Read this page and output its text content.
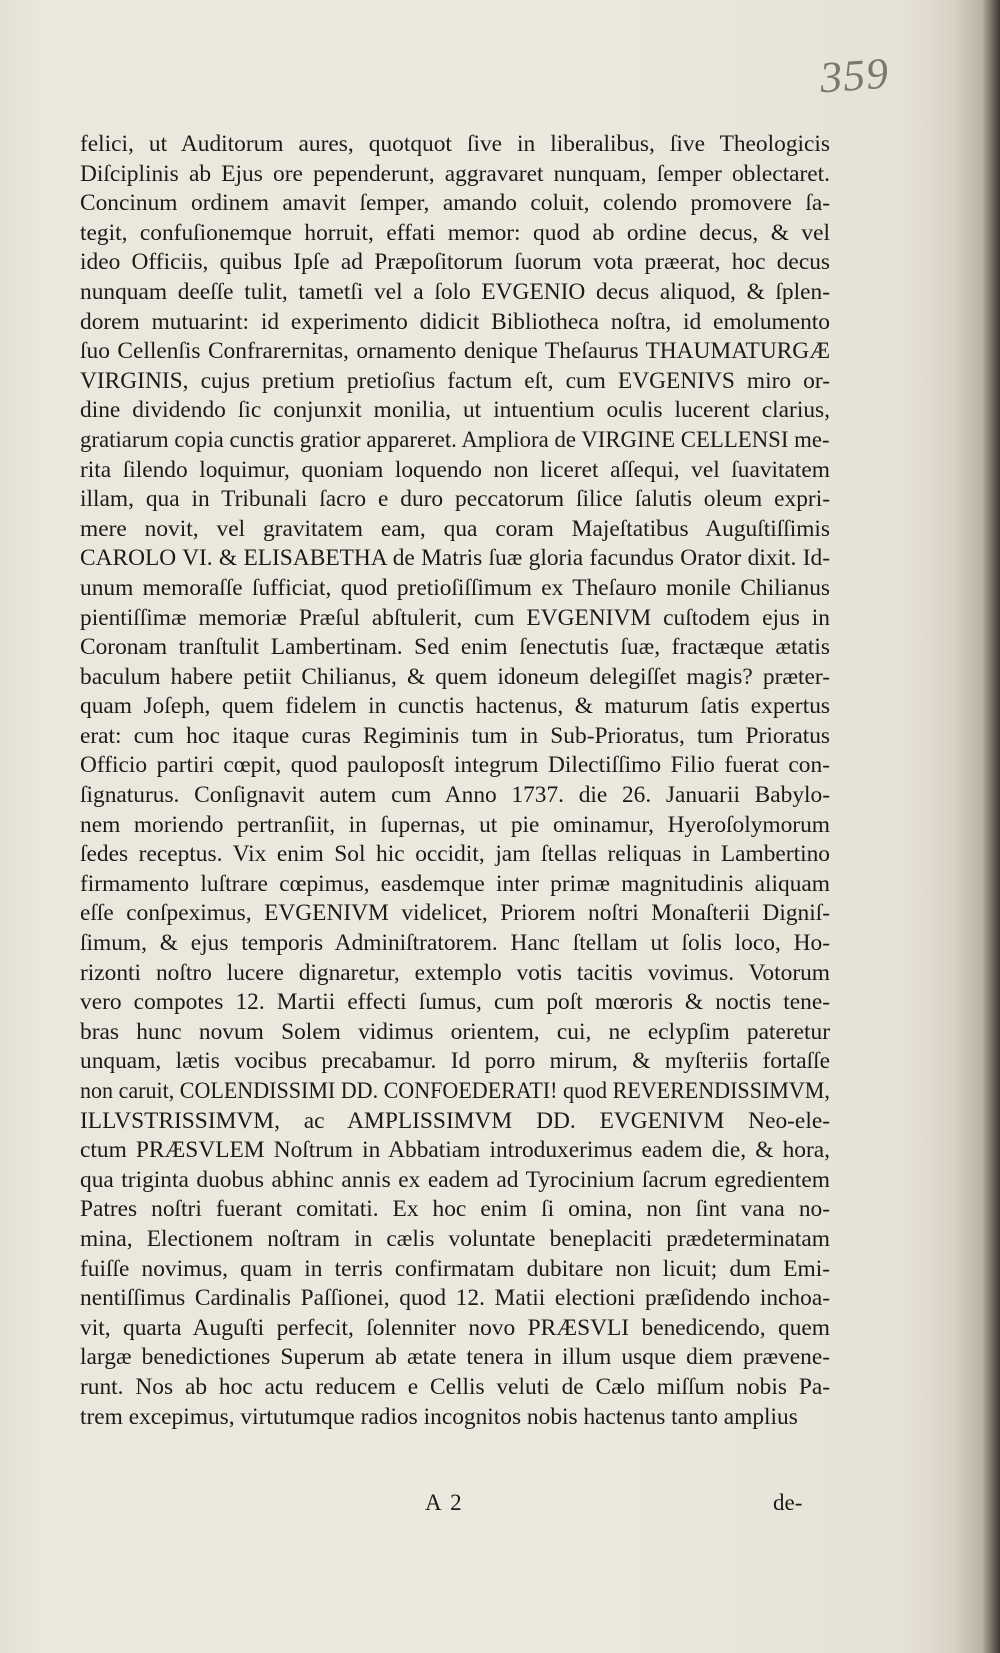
359
felici, ut Auditorum aures, quotquot ſive in liberalibus, ſive Theologicis
Diſciplinis ab Ejus ore pependerunt, aggravaret nunquam, ſemper oblectaret.
Concinum ordinem amavit ſemper, amando coluit, colendo promovere ſa-
tegit, confuſionemque horruit, effati memor: quod ab ordine decus, & vel
ideo Officiis, quibus Ipſe ad Præpoſitorum ſuorum vota præerat, hoc decus
nunquam deeſſe tulit, tametſi vel a ſolo EVGENIO decus aliquod, & ſplen-
dorem mutuarint: id experimento didicit Bibliotheca noſtra, id emolumento
ſuo Cellenſis Confrarernitas, ornamento denique Theſaurus THAUMATURGÆ
VIRGINIS, cujus pretium pretioſius factum eſt, cum EVGENIVS miro or-
dine dividendo ſic conjunxit monilia, ut intuentium oculis lucerent clarius,
gratiarum copia cunctis gratior appareret. Ampliora de VIRGINE CELLENSI me-
rita ſilendo loquimur, quoniam loquendo non liceret aſſequi, vel ſuavitatem
illam, qua in Tribunali ſacro e duro peccatorum ſilice ſalutis oleum expri-
mere novit, vel gravitatem eam, qua coram Majeſtatibus Auguſtiſſimis
CAROLO VI. & ELISABETHA de Matris ſuæ gloria facundus Orator dixit. Id-
unum memoraſſe ſufficiat, quod pretioſiſſimum ex Theſauro monile Chilianus
pientiſſimæ memoriæ Præſul abſtulerit, cum EVGENIVM cuſtodem ejus in
Coronam tranſtulit Lambertinam. Sed enim ſenectutis ſuæ, fractæque ætatis
baculum habere petiit Chilianus, & quem idoneum delegiſſet magis? præter-
quam Joſeph, quem fidelem in cunctis hactenus, & maturum ſatis expertus
erat: cum hoc itaque curas Regiminis tum in Sub-Prioratus, tum Prioratus
Officio partiri cœpit, quod pauloposſt integrum Dilectiſſimo Filio fuerat con-
ſignaturus. Conſignavit autem cum Anno 1737. die 26. Januarii Babylo-
nem moriendo pertranſiit, in ſupernas, ut pie ominamur, Hyeroſolymorum
ſedes receptus. Vix enim Sol hic occidit, jam ſtellas reliquas in Lambertino
firmamento luſtrare cœpimus, easdemque inter primæ magnitudinis aliquam
eſſe conſpeximus, EVGENIVM videlicet, Priorem noſtri Monaſterii Digniſ-
ſimum, & ejus temporis Adminiſtratorem. Hanc ſtellam ut ſolis loco, Ho-
rizonti noſtro lucere dignaretur, extemplo votis tacitis vovimus. Votorum
vero compotes 12. Martii effecti ſumus, cum poſt mœroris & noctis tene-
bras hunc novum Solem vidimus orientem, cui, ne eclypſim pateretur
unquam, lætis vocibus precabamur. Id porro mirum, & myſteriis fortaſſe
non caruit, COLENDISSIMI DD. CONFOEDERATI! quod REVERENDISSIMVM,
ILLVSTRISSIMVM, ac AMPLISSIMVM DD. EVGENIVM Neo-ele-
ctum PRÆSVLEM Noſtrum in Abbatiam introduxerimus eadem die, & hora,
qua triginta duobus abhinc annis ex eadem ad Tyrocinium ſacrum egredientem
Patres noſtri fuerant comitati. Ex hoc enim ſi omina, non ſint vana no-
mina, Electionem noſtram in cælis voluntate beneplaciti prædeterminatam
fuiſſe novimus, quam in terris confirmatam dubitare non licuit; dum Emi-
nentiſſimus Cardinalis Paſſionei, quod 12. Matii electioni præſidendo inchoa-
vit, quarta Auguſti perfecit, ſolenniter novo PRÆSVLI benedicendo, quem
largæ benedictiones Superum ab ætate tenera in illum usque diem prævene-
runt. Nos ab hoc actu reducem e Cellis veluti de Cælo miſſum nobis Pa-
trem excepimus, virtutumque radios incognitos nobis hactenus tanto amplius
A 2	de-
